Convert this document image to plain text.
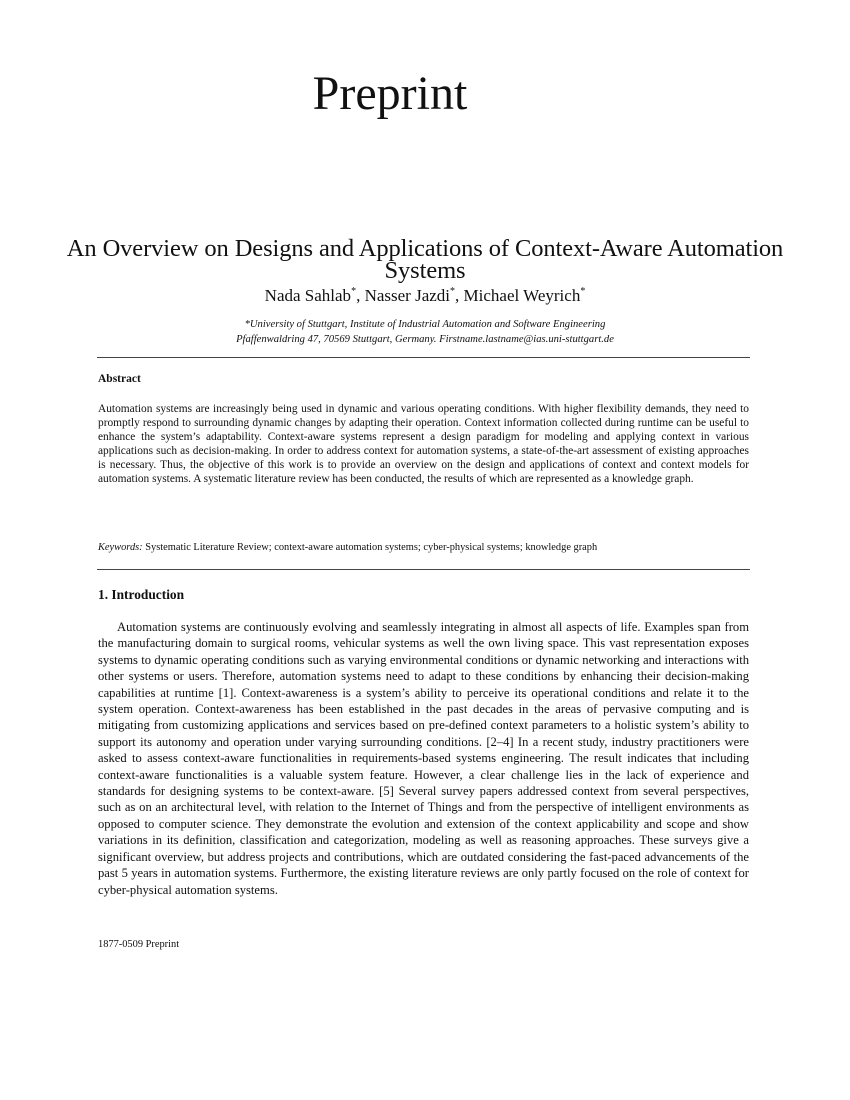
Preprint
An Overview on Designs and Applications of Context-Aware Automation Systems
Nada Sahlab*, Nasser Jazdi*, Michael Weyrich*
*University of Stuttgart, Institute of Industrial Automation and Software Engineering
Pfaffenwaldring 47, 70569 Stuttgart, Germany. Firstname.lastname@ias.uni-stuttgart.de
Abstract
Automation systems are increasingly being used in dynamic and various operating conditions. With higher flexibility demands, they need to promptly respond to surrounding dynamic changes by adapting their operation. Context information collected during runtime can be useful to enhance the system’s adaptability. Context-aware systems represent a design paradigm for modeling and applying context in various applications such as decision-making. In order to address context for automation systems, a state-of-the-art assessment of existing approaches is necessary. Thus, the objective of this work is to provide an overview on the design and applications of context and context models for automation systems. A systematic literature review has been conducted, the results of which are represented as a knowledge graph.
Keywords: Systematic Literature Review; context-aware automation systems; cyber-physical systems; knowledge graph
1. Introduction
Automation systems are continuously evolving and seamlessly integrating in almost all aspects of life. Examples span from the manufacturing domain to surgical rooms, vehicular systems as well the own living space. This vast representation exposes systems to dynamic operating conditions such as varying environmental conditions or dynamic networking and interactions with other systems or users. Therefore, automation systems need to adapt to these conditions by enhancing their decision-making capabilities at runtime [1]. Context-awareness is a system’s ability to perceive its operational conditions and relate it to the system operation. Context-awareness has been established in the past decades in the areas of pervasive computing and is mitigating from customizing applications and services based on pre-defined context parameters to a holistic system’s ability to support its autonomy and operation under varying surrounding conditions. [2–4] In a recent study, industry practitioners were asked to assess context-aware functionalities in requirements-based systems engineering. The result indicates that including context-aware functionalities is a valuable system feature. However, a clear challenge lies in the lack of experience and standards for designing systems to be context-aware. [5] Several survey papers addressed context from several perspectives, such as on an architectural level, with relation to the Internet of Things and from the perspective of intelligent environments as opposed to computer science. They demonstrate the evolution and extension of the context applicability and scope and show variations in its definition, classification and categorization, modeling as well as reasoning approaches. These surveys give a significant overview, but address projects and contributions, which are outdated considering the fast-paced advancements of the past 5 years in automation systems. Furthermore, the existing literature reviews are only partly focused on the role of context for cyber-physical automation systems.
1877-0509 Preprint
